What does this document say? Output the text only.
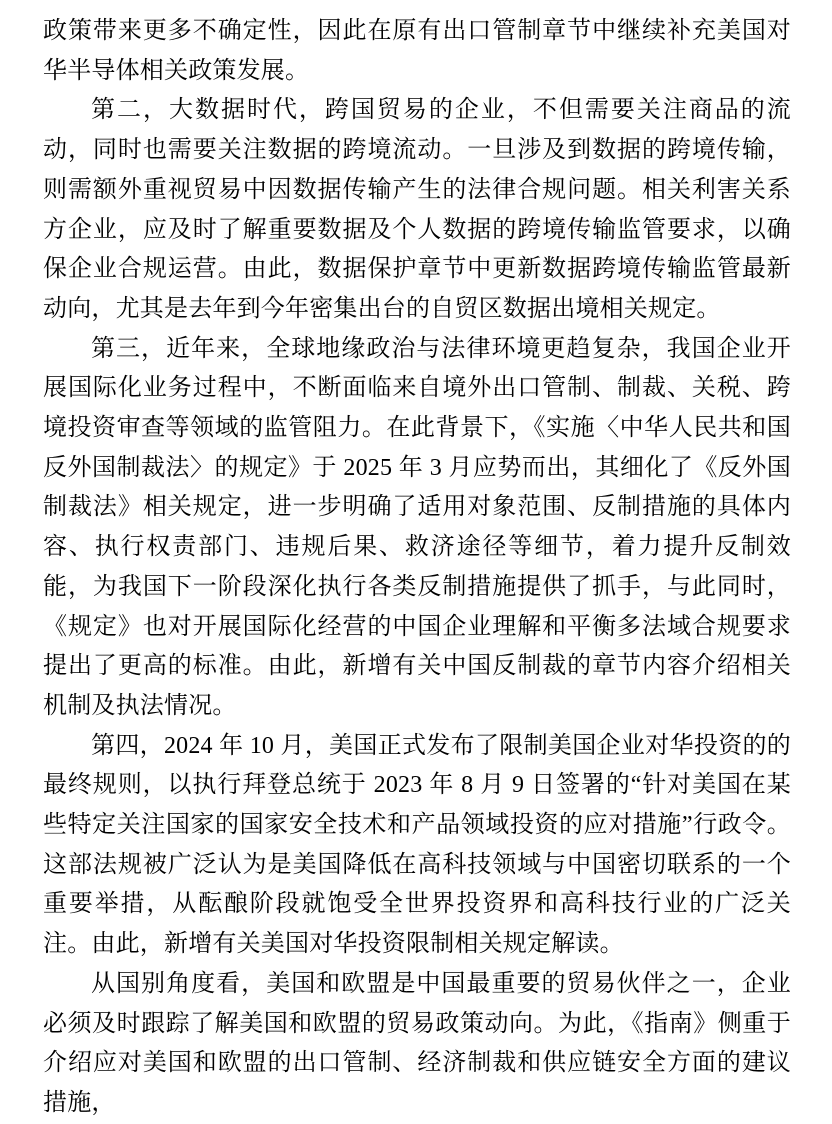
政策带来更多不确定性，因此在原有出口管制章节中继续补充美国对华半导体相关政策发展。

第二，大数据时代，跨国贸易的企业，不但需要关注商品的流动，同时也需要关注数据的跨境流动。一旦涉及到数据的跨境传输，则需额外重视贸易中因数据传输产生的法律合规问题。相关利害关系方企业，应及时了解重要数据及个人数据的跨境传输监管要求，以确保企业合规运营。由此，数据保护章节中更新数据跨境传输监管最新动向，尤其是去年到今年密集出台的自贸区数据出境相关规定。

第三，近年来，全球地缘政治与法律环境更趋复杂，我国企业开展国际化业务过程中，不断面临来自境外出口管制、制裁、关税、跨境投资审查等领域的监管阻力。在此背景下，《实施〈中华人民共和国反外国制裁法〉的规定》于 2025 年 3 月应势而出，其细化了《反外国制裁法》相关规定，进一步明确了适用对象范围、反制措施的具体内容、执行权责部门、违规后果、救济途径等细节，着力提升反制效能，为我国下一阶段深化执行各类反制措施提供了抓手，与此同时，《规定》也对开展国际化经营的中国企业理解和平衡多法域合规要求提出了更高的标准。由此，新增有关中国反制裁的章节内容介绍相关机制及执法情况。

第四，2024 年 10 月，美国正式发布了限制美国企业对华投资的的最终规则，以执行拜登总统于 2023 年 8 月 9 日签署的“针对美国在某些特定关注国家的国家安全技术和产品领域投资的应对措施”行政令。这部法规被广泛认为是美国降低在高科技领域与中国密切联系的一个重要举措，从酝酿阶段就饱受全世界投资界和高科技行业的广泛关注。由此，新增有关美国对华投资限制相关规定解读。

从国别角度看，美国和欧盟是中国最重要的贸易伙伴之一，企业必须及时跟踪了解美国和欧盟的贸易政策动向。为此，《指南》侧重于介绍应对美国和欧盟的出口管制、经济制裁和供应链安全方面的建议措施，
